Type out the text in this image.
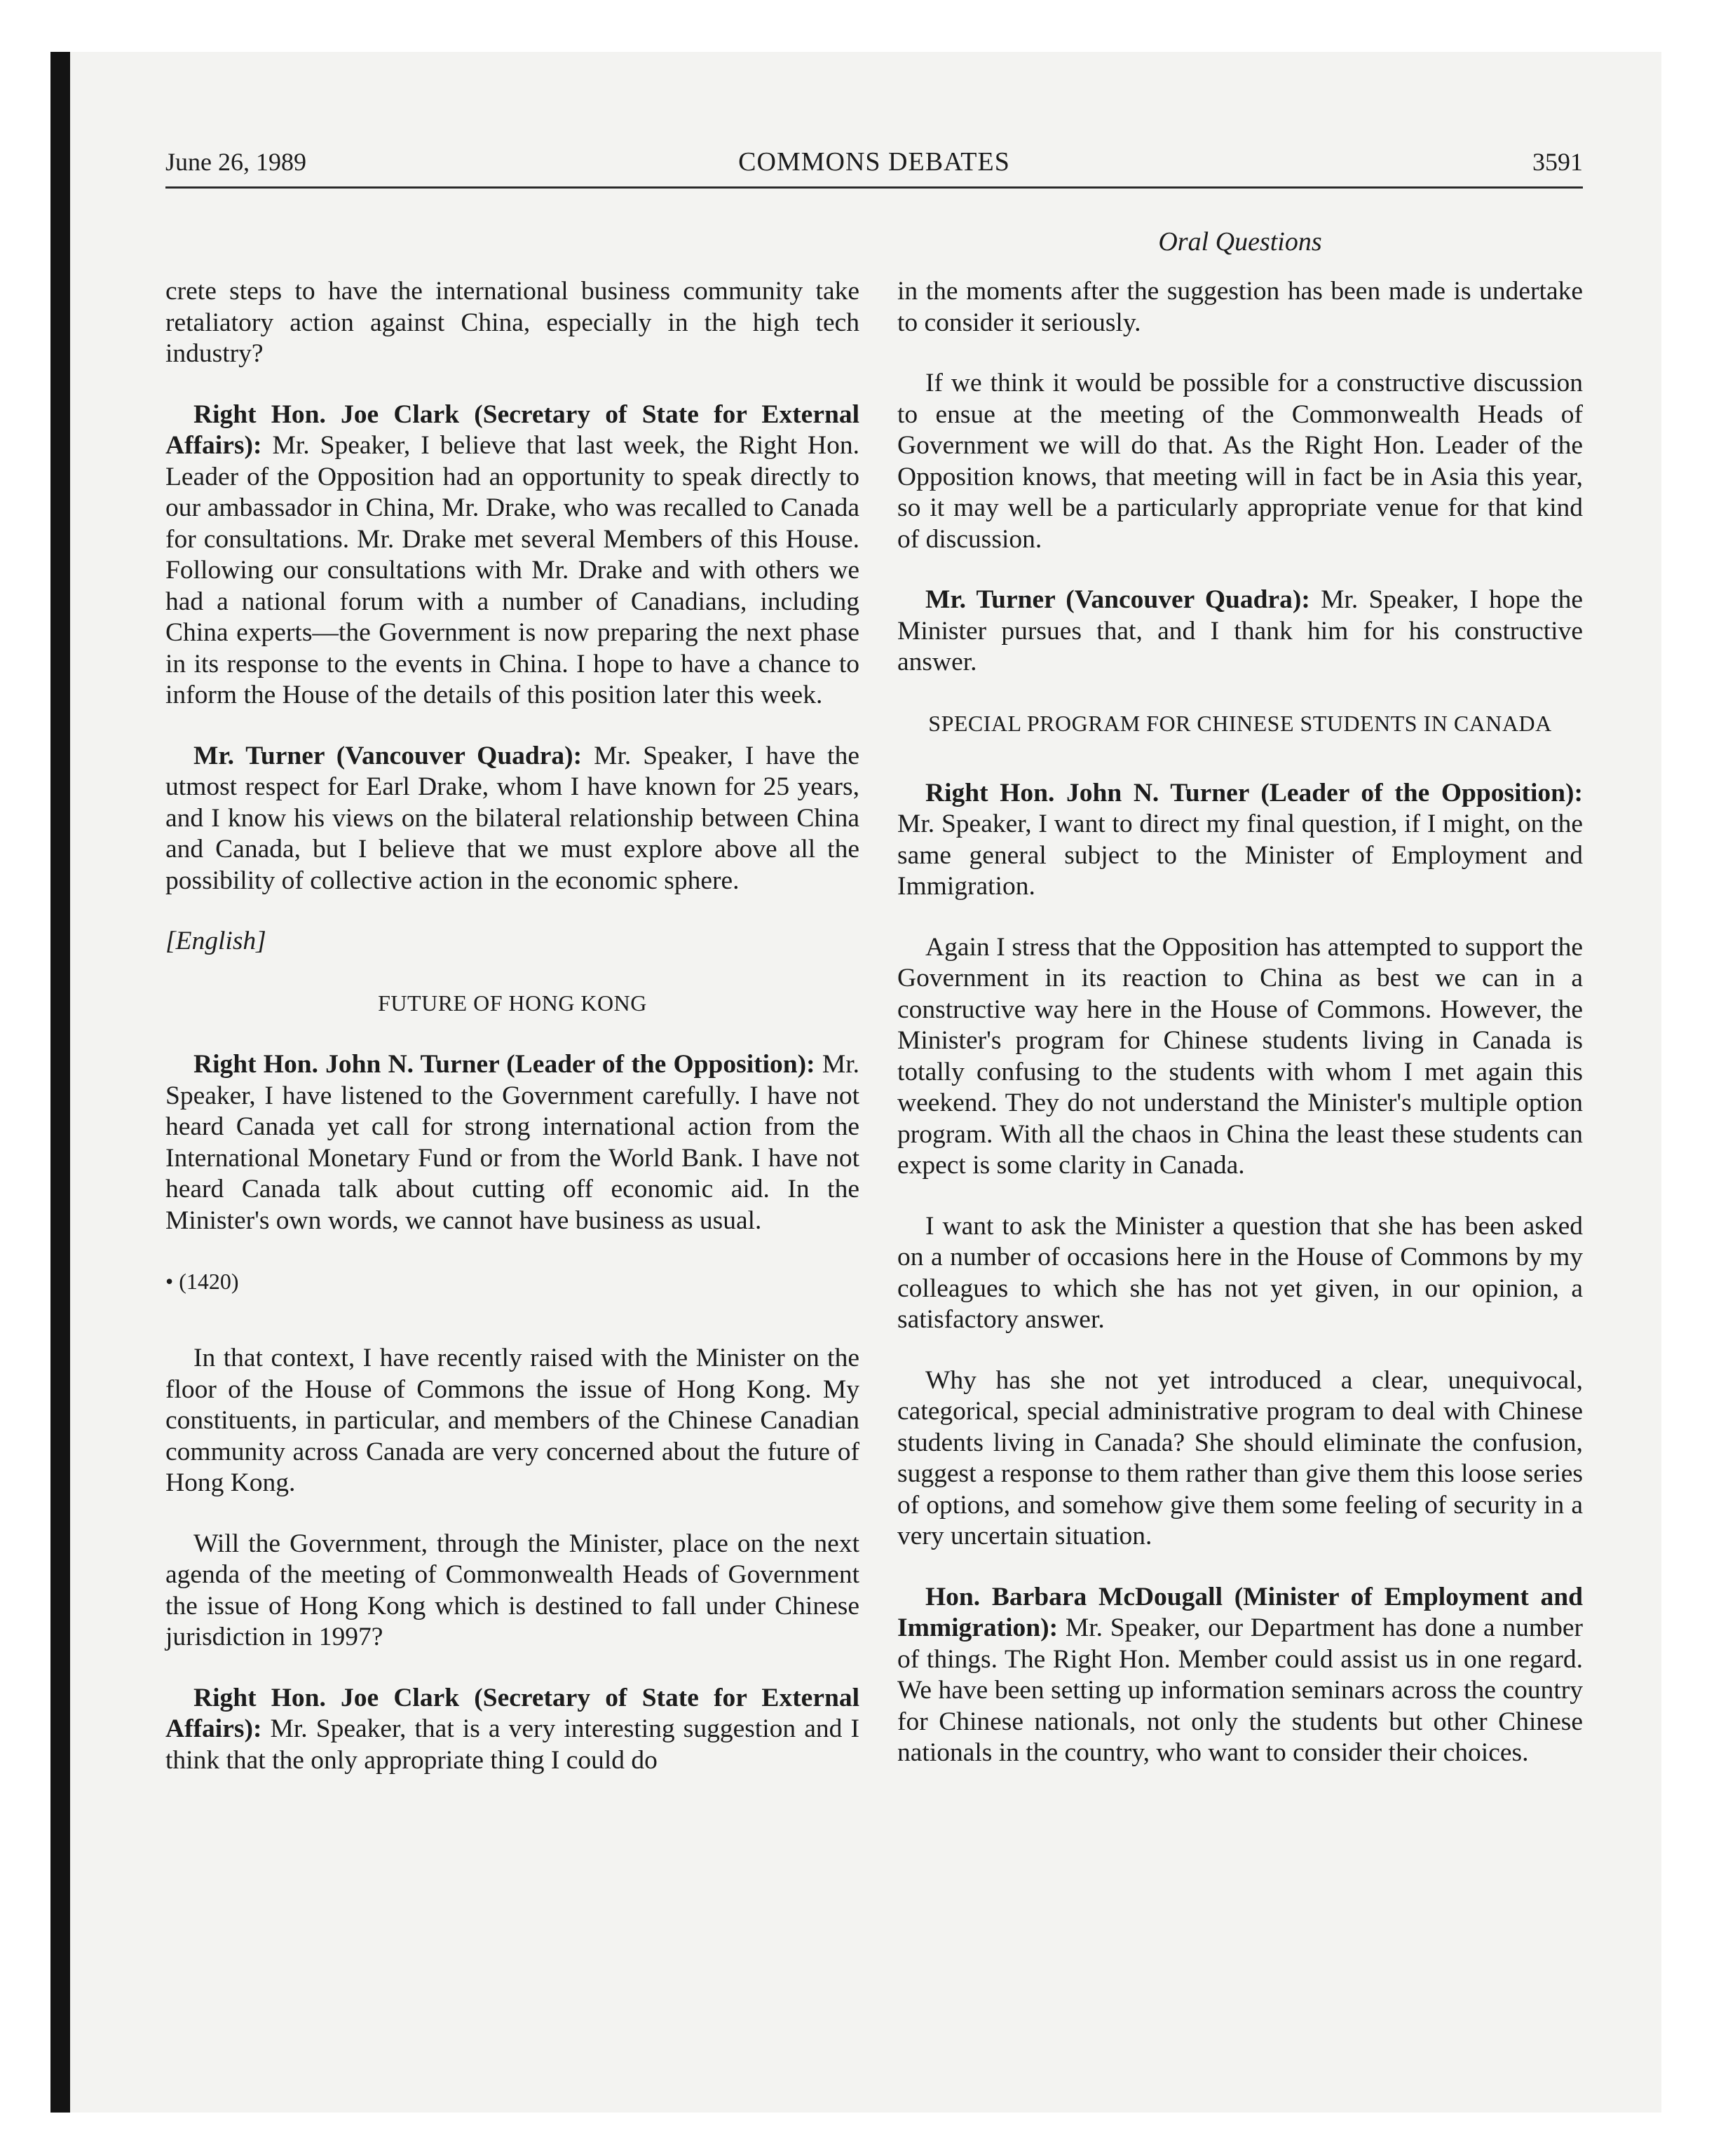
June 26, 1989	COMMONS DEBATES	3591
Oral Questions

crete steps to have the international business community take retaliatory action against China, especially in the high tech industry?

Right Hon. Joe Clark (Secretary of State for External Affairs): Mr. Speaker, I believe that last week, the Right Hon. Leader of the Opposition had an opportunity to speak directly to our ambassador in China, Mr. Drake, who was recalled to Canada for consultations. Mr. Drake met several Members of this House. Following our consultations with Mr. Drake and with others we had a national forum with a number of Canadians, including China experts—the Government is now preparing the next phase in its response to the events in China. I hope to have a chance to inform the House of the details of this position later this week.

Mr. Turner (Vancouver Quadra): Mr. Speaker, I have the utmost respect for Earl Drake, whom I have known for 25 years, and I know his views on the bilateral relationship between China and Canada, but I believe that we must explore above all the possibility of collective action in the economic sphere.

[English]
FUTURE OF HONG KONG

Right Hon. John N. Turner (Leader of the Opposition): Mr. Speaker, I have listened to the Government carefully. I have not heard Canada yet call for strong international action from the International Monetary Fund or from the World Bank. I have not heard Canada talk about cutting off economic aid. In the Minister's own words, we cannot have business as usual.

• (1420)

In that context, I have recently raised with the Minister on the floor of the House of Commons the issue of Hong Kong. My constituents, in particular, and members of the Chinese Canadian community across Canada are very concerned about the future of Hong Kong.

Will the Government, through the Minister, place on the next agenda of the meeting of Commonwealth Heads of Government the issue of Hong Kong which is destined to fall under Chinese jurisdiction in 1997?

Right Hon. Joe Clark (Secretary of State for External Affairs): Mr. Speaker, that is a very interesting suggestion and I think that the only appropriate thing I could do

in the moments after the suggestion has been made is undertake to consider it seriously.

If we think it would be possible for a constructive discussion to ensue at the meeting of the Commonwealth Heads of Government we will do that. As the Right Hon. Leader of the Opposition knows, that meeting will in fact be in Asia this year, so it may well be a particularly appropriate venue for that kind of discussion.

Mr. Turner (Vancouver Quadra): Mr. Speaker, I hope the Minister pursues that, and I thank him for his constructive answer.

SPECIAL PROGRAM FOR CHINESE STUDENTS IN CANADA

Right Hon. John N. Turner (Leader of the Opposition): Mr. Speaker, I want to direct my final question, if I might, on the same general subject to the Minister of Employment and Immigration.

Again I stress that the Opposition has attempted to support the Government in its reaction to China as best we can in a constructive way here in the House of Commons. However, the Minister's program for Chinese students living in Canada is totally confusing to the students with whom I met again this weekend. They do not understand the Minister's multiple option program. With all the chaos in China the least these students can expect is some clarity in Canada.

I want to ask the Minister a question that she has been asked on a number of occasions here in the House of Commons by my colleagues to which she has not yet given, in our opinion, a satisfactory answer.

Why has she not yet introduced a clear, unequivocal, categorical, special administrative program to deal with Chinese students living in Canada? She should eliminate the confusion, suggest a response to them rather than give them this loose series of options, and somehow give them some feeling of security in a very uncertain situation.

Hon. Barbara McDougall (Minister of Employment and Immigration): Mr. Speaker, our Department has done a number of things. The Right Hon. Member could assist us in one regard. We have been setting up information seminars across the country for Chinese nationals, not only the students but other Chinese nationals in the country, who want to consider their choices.
